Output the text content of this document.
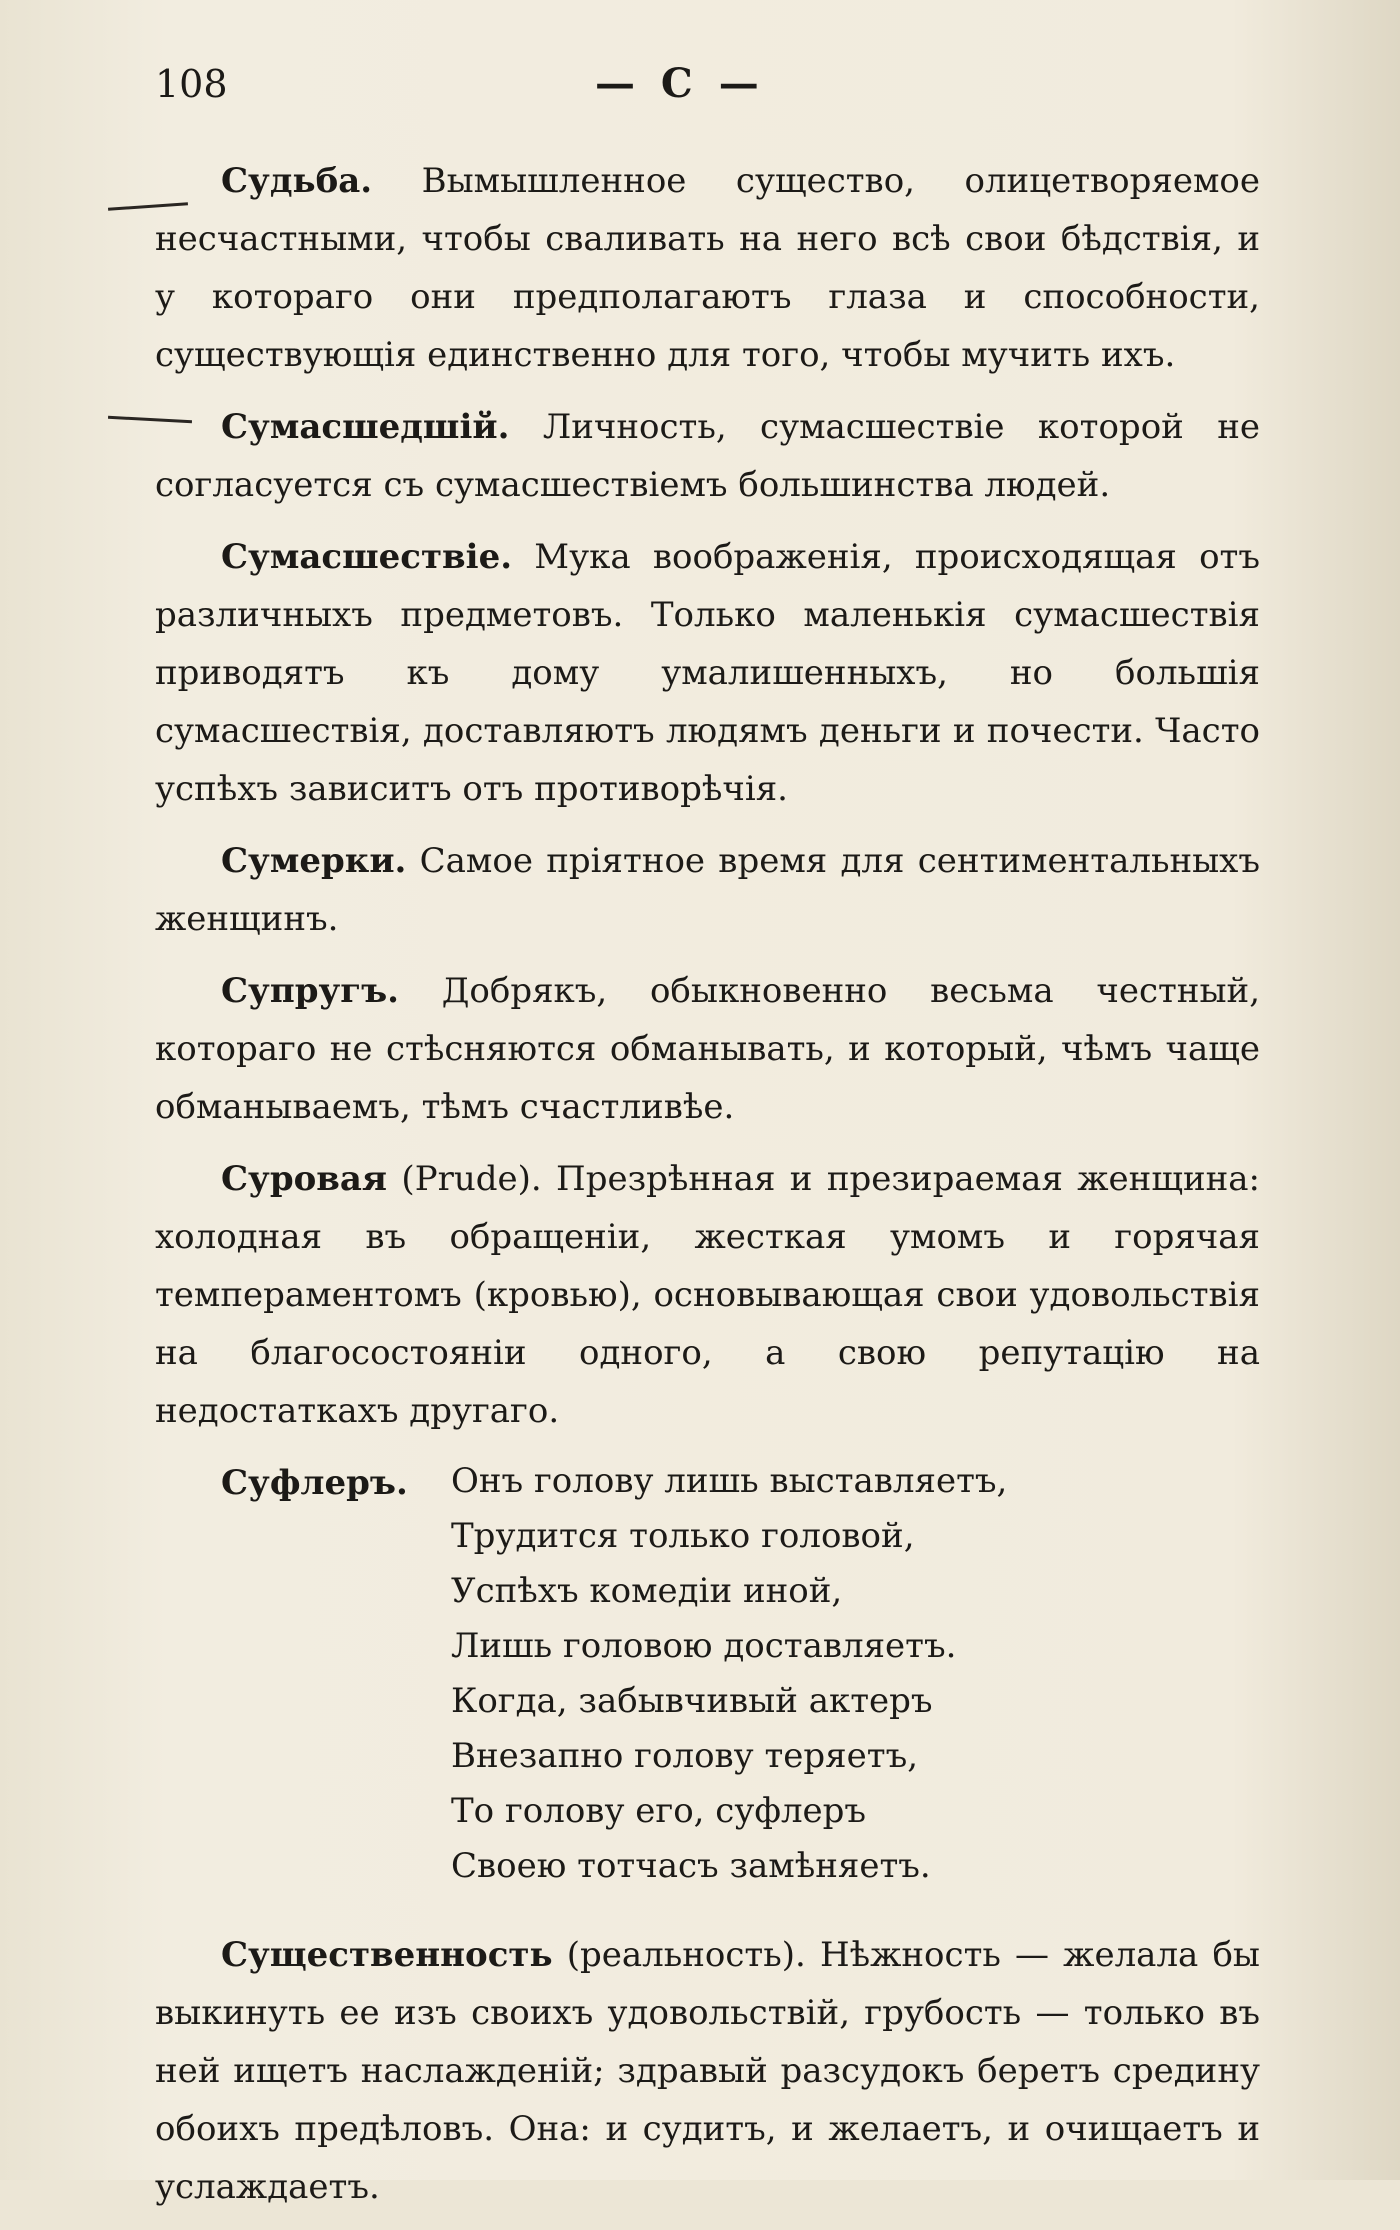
108	— С —

Судьба. Вымышленное существо, олицетворяемое несчастными, чтобы сваливать на него всѣ свои бѣдствія, и у котораго они предполагаютъ глаза и способности, существующія единственно для того, чтобы мучить ихъ.

Сумасшедшій. Личность, сумасшествіе которой не согласуется съ сумасшествіемъ большинства людей.

Сумасшествіе. Мука воображенія, происходящая отъ различныхъ предметовъ. Только маленькія сумасшествія приводятъ къ дому умалишенныхъ, но большія сумасшествія, доставляютъ людямъ деньги и почести. Часто успѣхъ зависитъ отъ противорѣчія.

Сумерки. Самое пріятное время для сентиментальныхъ женщинъ.

Супругъ. Добрякъ, обыкновенно весьма честный, котораго не стѣсняются обманывать, и который, чѣмъ чаще обманываемъ, тѣмъ счастливѣе.

Суровая (Prude). Презрѣнная и презираемая женщина: холодная въ обращеніи, жесткая умомъ и горячая темпераментомъ (кровью), основывающая свои удовольствія на благосостояніи одного, а свою репутацію на недостаткахъ другаго.

Суфлеръ.	Онъ голову лишь выставляетъ,
Трудится только головой,
Успѣхъ комедіи иной,
Лишь головою доставляетъ.
Когда, забывчивый актеръ
Внезапно голову теряетъ,
То голову его, суфлеръ
Своею тотчасъ замѣняетъ.

Существенность (реальность). Нѣжность — желала бы выкинуть ее изъ своихъ удовольствій, грубость — только въ ней ищетъ наслажденій; здравый разсудокъ беретъ средину обоихъ предѣловъ. Она: и судитъ, и желаетъ, и очищаетъ и услаждаетъ.
